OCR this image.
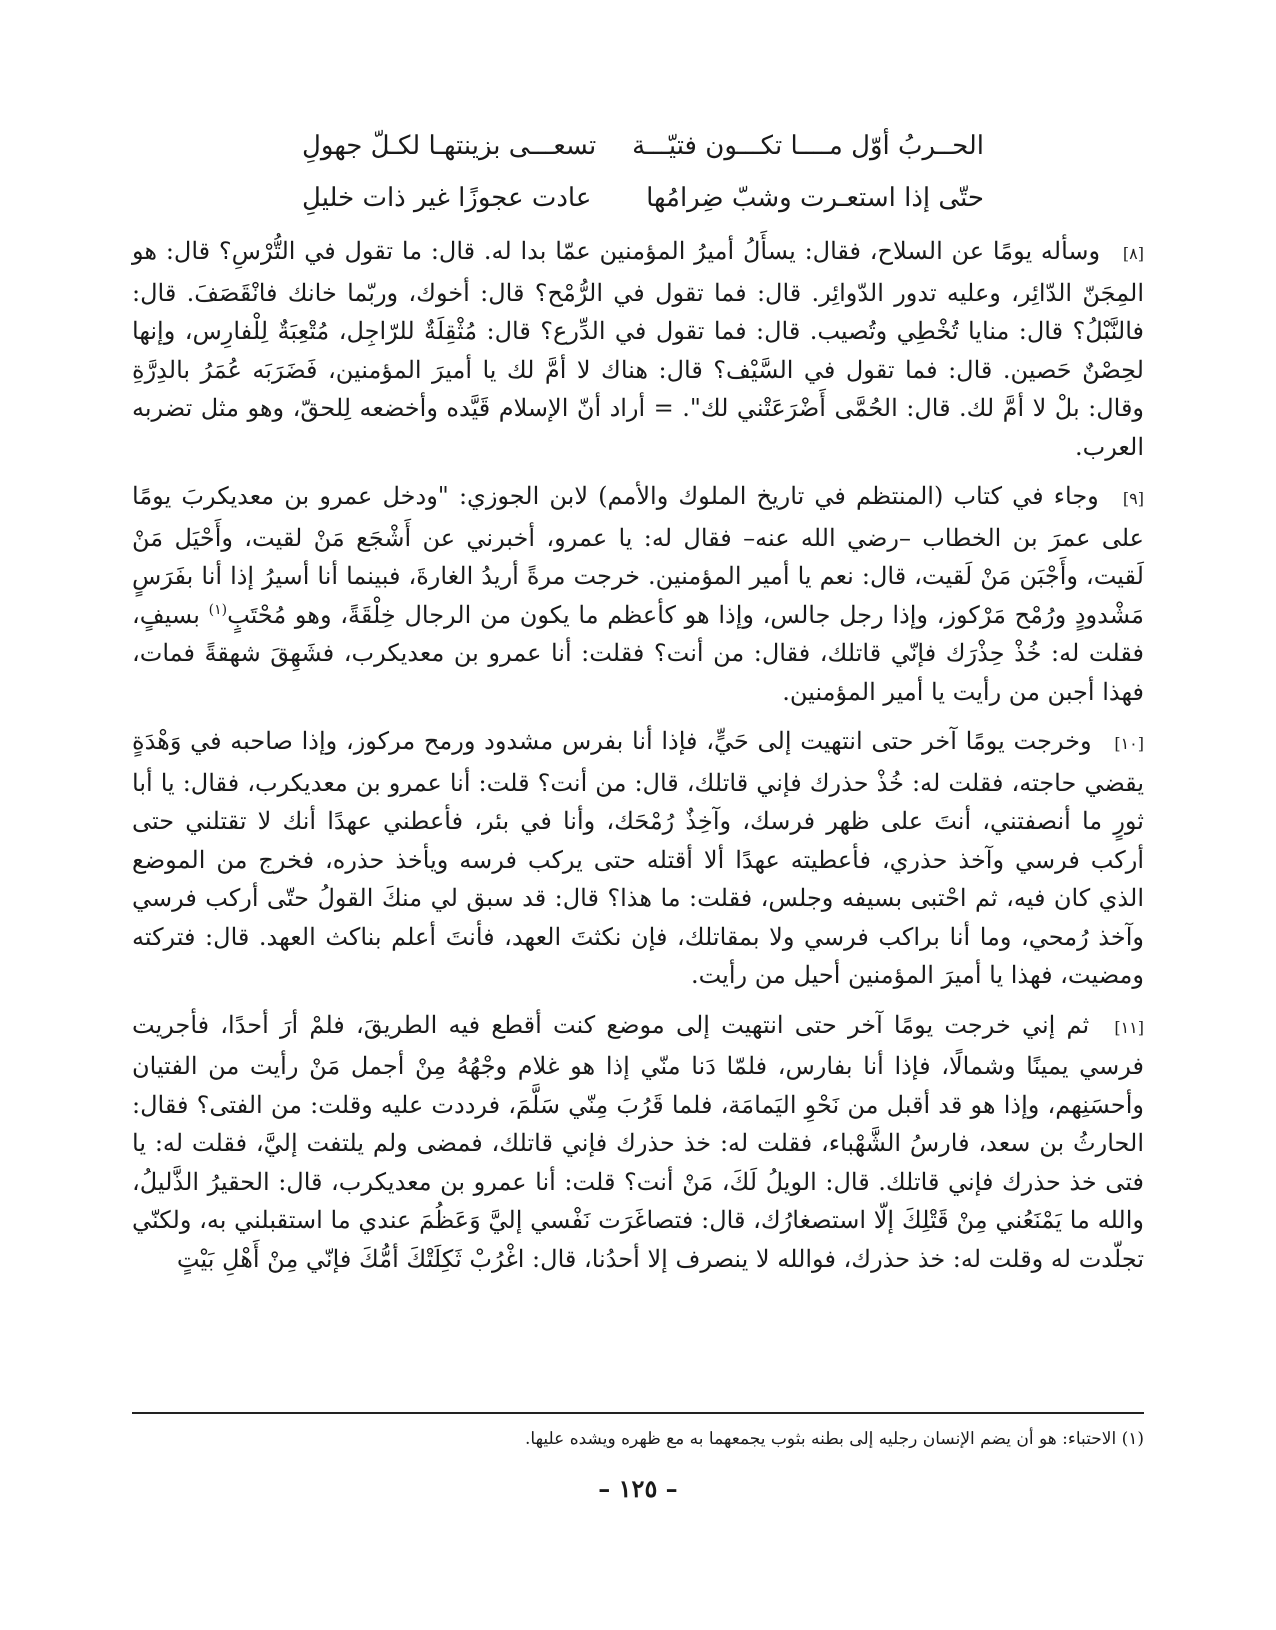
الحــربُ أوّل مــــا تكـــون فتيّـــة
تسعـــى بزينتهـا لكـلّ جهولِ
حتّى إذا استعـرت وشبّ ضِرامُها
عادت عجوزًا غير ذات خليلِ

[٨] وسأله يومًا عن السلاح، فقال: يسأَلُ أميرُ المؤمنين عمّا بدا له. قال: ما تقول في التُّرْسِ؟ قال: هو المِجَنّ الدّائِر، وعليه تدور الدّوائِر. قال: فما تقول في الرُّمْح؟ قال: أخوك، وربّما خانك فانْقَصَفَ. قال: فالنَّبْلُ؟ قال: منايا تُخْطِي وتُصيب. قال: فما تقول في الدِّرع؟ قال: مُثْقِلَةٌ للرّاجِل، مُتْعِبَةٌ لِلْفارِس، وإنها لحِصْنٌ حَصين. قال: فما تقول في السَّيْف؟ قال: هناك لا أمَّ لك يا أميرَ المؤمنين، فَضَرَبَه عُمَرُ بالدِرَّةِ وقال: بلْ لا أمَّ لك. قال: الحُمَّى أَضْرَعَتْني لك". = أراد أنّ الإسلام قَيَّده وأخضعه لِلحقّ، وهو مثل تضربه العرب.

[٩] وجاء في كتاب (المنتظم في تاريخ الملوك والأمم) لابن الجوزي: "ودخل عمرو بن معديكربَ يومًا على عمرَ بن الخطاب –رضي الله عنه– فقال له: يا عمرو، أخبرني عن أَشْجَع مَنْ لقيت، وأَحْيَل مَنْ لَقيت، وأَجْبَن مَنْ لَقيت، قال: نعم يا أمير المؤمنين. خرجت مرةً أريدُ الغارةَ، فبينما أنا أسيرُ إذا أنا بفَرَسٍ مَشْدودٍ ورُمْح مَرْكوز، وإذا رجل جالس، وإذا هو كأعظم ما يكون من الرجال خِلْقَةً، وهو مُحْتَبٍ$^{(١)}$ بسيفٍ، فقلت له: خُذْ حِذْرَك فإنّي قاتلك، فقال: من أنت؟ فقلت: أنا عمرو بن معديكرب، فشَهِقَ شهقةً فمات، فهذا أجبن من رأيت يا أمير المؤمنين.

[١٠] وخرجت يومًا آخر حتى انتهيت إلى حَيٍّ، فإذا أنا بفرس مشدود ورمح مركوز، وإذا صاحبه في وَهْدَةٍ يقضي حاجته، فقلت له: خُذْ حذرك فإني قاتلك، قال: من أنت؟ قلت: أنا عمرو بن معديكرب، فقال: يا أبا ثورٍ ما أنصفتني، أنتَ على ظهر فرسك، وآخِذٌ رُمْحَك، وأنا في بئر، فأعطني عهدًا أنك لا تقتلني حتى أركب فرسي وآخذ حذري، فأعطيته عهدًا ألا أقتله حتى يركب فرسه ويأخذ حذره، فخرج من الموضع الذي كان فيه، ثم احْتبى بسيفه وجلس، فقلت: ما هذا؟ قال: قد سبق لي منكَ القولُ حتّى أركب فرسي وآخذ رُمحي، وما أنا براكب فرسي ولا بمقاتلك، فإن نكثتَ العهد، فأنتَ أعلم بناكث العهد. قال: فتركته ومضيت، فهذا يا أميرَ المؤمنين أحيل من رأيت.

[١١] ثم إني خرجت يومًا آخر حتى انتهيت إلى موضع كنت أقطع فيه الطريقَ، فلمْ أرَ أحدًا، فأجريت فرسي يمينًا وشمالًا، فإذا أنا بفارس، فلمّا دَنا منّي إذا هو غلام وجْهُهُ مِنْ أجمل مَنْ رأيت من الفتيان وأحسَنِهم، وإذا هو قد أقبل من نَحْوِ اليَمامَة، فلما قَرُبَ مِنّي سَلَّمَ، فرددت عليه وقلت: من الفتى؟ فقال: الحارثُ بن سعد، فارسُ الشَّهْباء، فقلت له: خذ حذرك فإني قاتلك، فمضى ولم يلتفت إليَّ، فقلت له: يا فتى خذ حذرك فإني قاتلك. قال: الويلُ لَكَ، مَنْ أنت؟ قلت: أنا عمرو بن معديكرب، قال: الحقيرُ الذَّليلُ، والله ما يَمْنَعُني مِنْ قَتْلِكَ إلّا استصغارُك، قال: فتصاغَرَت نَفْسي إليَّ وَعَظُمَ عندي ما استقبلني به، ولكنّي تجلّدت له وقلت له: خذ حذرك، فوالله لا ينصرف إلا أحدُنا، قال: اغْرُبْ ثَكِلَتْكَ أمُّكَ فإنّي مِنْ أَهْلِ بَيْتٍ

(١) الاحتباء: هو أن يضم الإنسان رجليه إلى بطنه بثوب يجمعهما به مع ظهره ويشده عليها.
– ١٢٥ –
